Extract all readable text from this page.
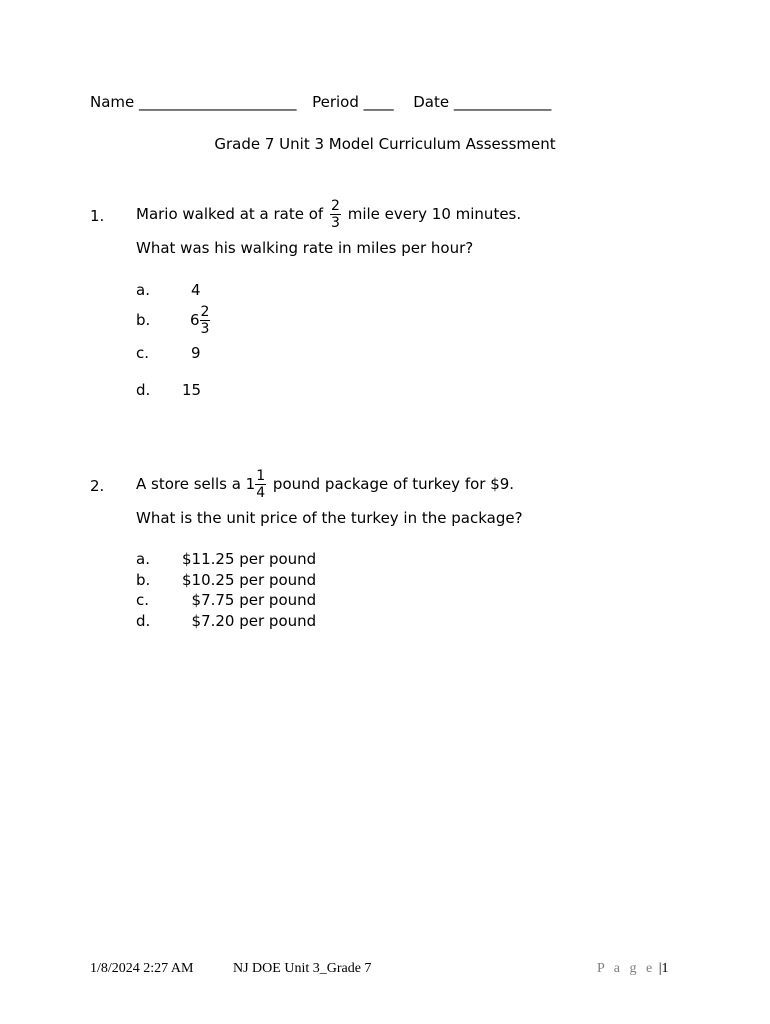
Name _____________________ Period ____ Date _____________
Grade 7 Unit 3 Model Curriculum Assessment
1. Mario walked at a rate of $\frac{2}{3}$ mile every 10 minutes.
What was his walking rate in miles per hour?
a.	4
b.	$6 \frac{2}{3}$
c.	9
d. 15
2. A store sells a $1 \frac{1}{4}$ pound package of turkey for $9.
What is the unit price of the turkey in the package?
a. $11.25 per pound
b. $10.25 per pound
c.  $7.75 per pound
d.  $7.20 per pound
1/8/2024 2:27 AM	NJ DOE Unit 3_Grade 7	P a g e |1
